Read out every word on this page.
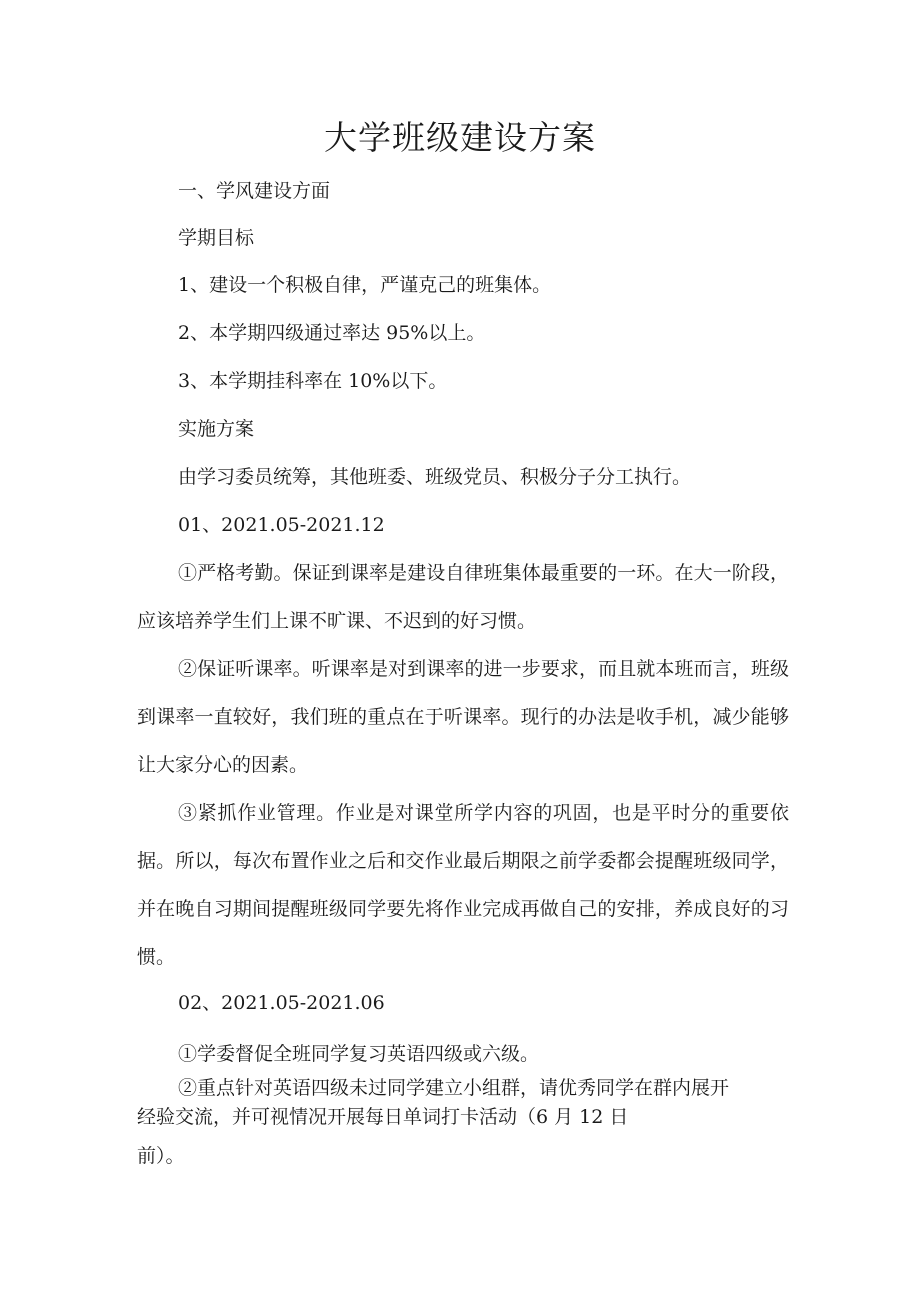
大学班级建设方案

一、学风建设方面

学期目标

1、建设一个积极自律，严谨克己的班集体。

2、本学期四级通过率达 95%以上。

3、本学期挂科率在 10%以下。

实施方案

由学习委员统筹，其他班委、班级党员、积极分子分工执行。

01、2021.05-2021.12

①严格考勤。保证到课率是建设自律班集体最重要的一环。在大一阶段，应该培养学生们上课不旷课、不迟到的好习惯。

②保证听课率。听课率是对到课率的进一步要求，而且就本班而言，班级到课率一直较好，我们班的重点在于听课率。现行的办法是收手机，减少能够让大家分心的因素。

③紧抓作业管理。作业是对课堂所学内容的巩固，也是平时分的重要依据。所以，每次布置作业之后和交作业最后期限之前学委都会提醒班级同学，并在晚自习期间提醒班级同学要先将作业完成再做自己的安排，养成良好的习惯。

02、2021.05-2021.06

①学委督促全班同学复习英语四级或六级。

②重点针对英语四级未过同学建立小组群，请优秀同学在群内展开

经验交流，并可视情况开展每日单词打卡活动（6 月 12 日

前）。
